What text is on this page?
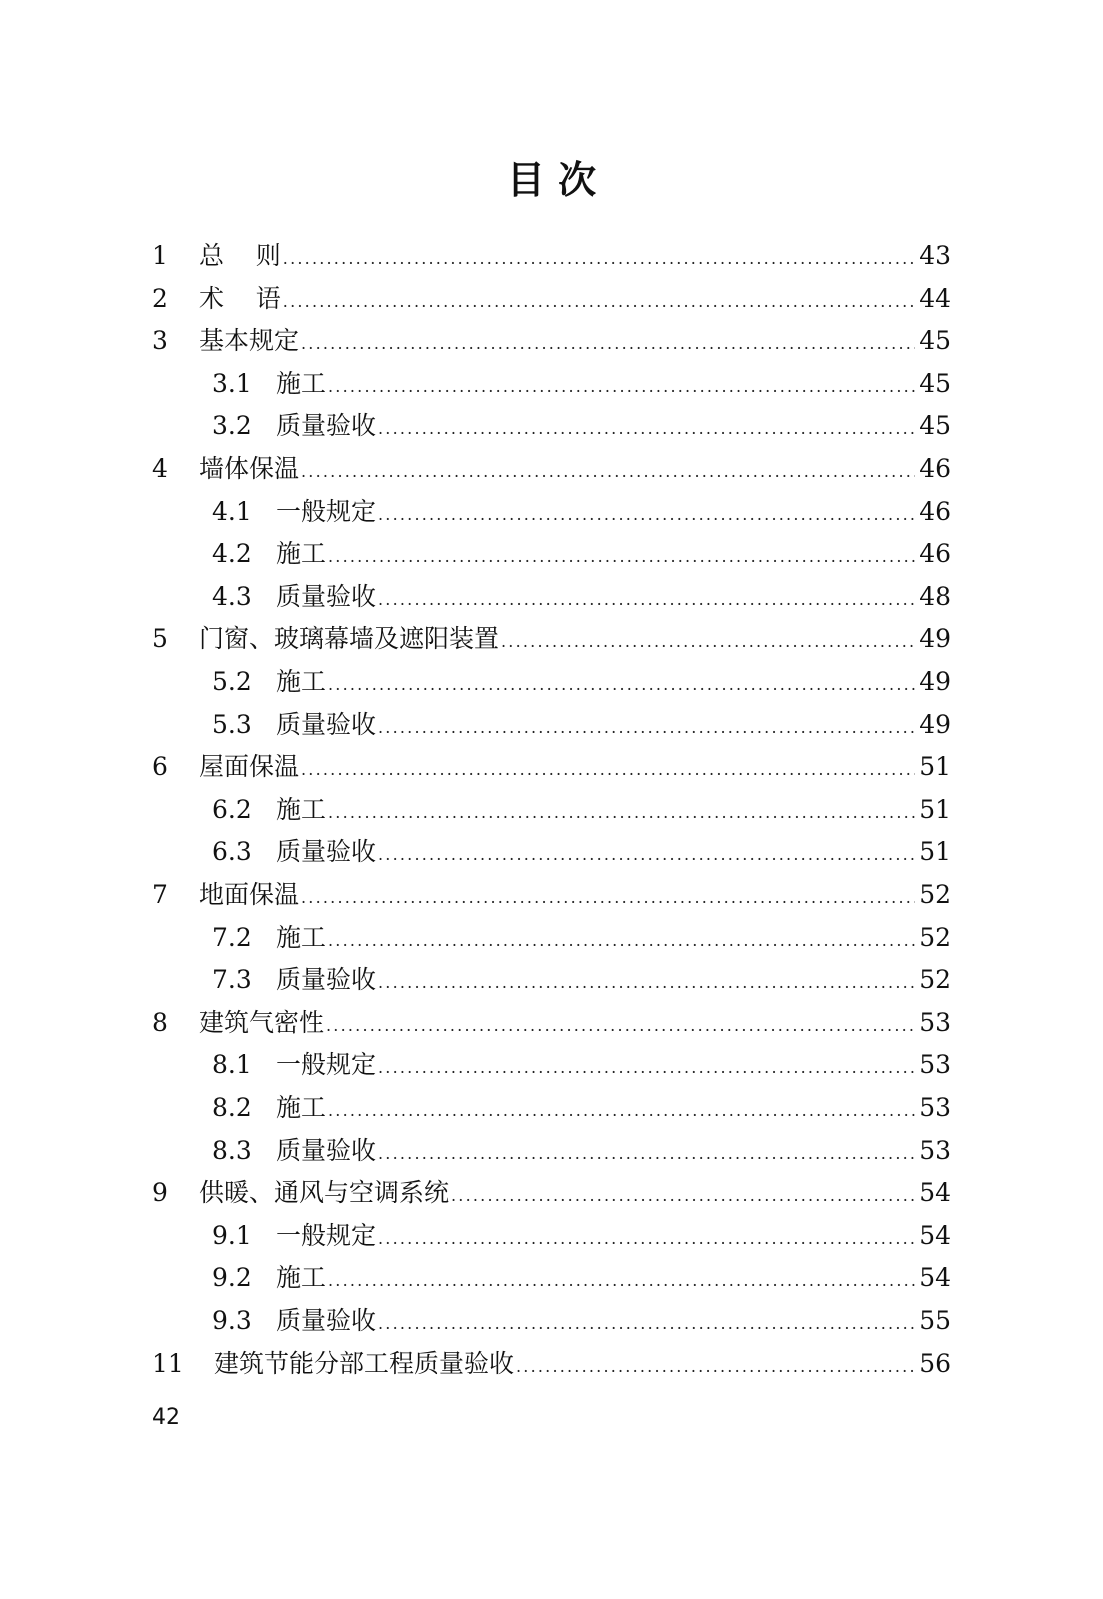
目 次
1	总    则 .....	43
2	术    语 .....	44
3	基本规定 .....	45
3.1 施工 .....	45
3.2 质量验收 .....	45
4	墙体保温 .....	46
4.1 一般规定 .....	46
4.2 施工 .....	46
4.3 质量验收 .....	48
5	门窗、玻璃幕墙及遮阳装置 .....	49
5.2 施工 .....	49
5.3 质量验收 .....	49
6	屋面保温 .....	51
6.2 施工 .....	51
6.3 质量验收 .....	51
7	地面保温 .....	52
7.2 施工 .....	52
7.3 质量验收 .....	52
8	建筑气密性 .....	53
8.1 一般规定 .....	53
8.2 施工 .....	53
8.3 质量验收 .....	53
9	供暖、通风与空调系统 .....	54
9.1 一般规定 .....	54
9.2 施工 .....	54
9.3 质量验收 .....	55
11	建筑节能分部工程质量验收 .....	56
42
